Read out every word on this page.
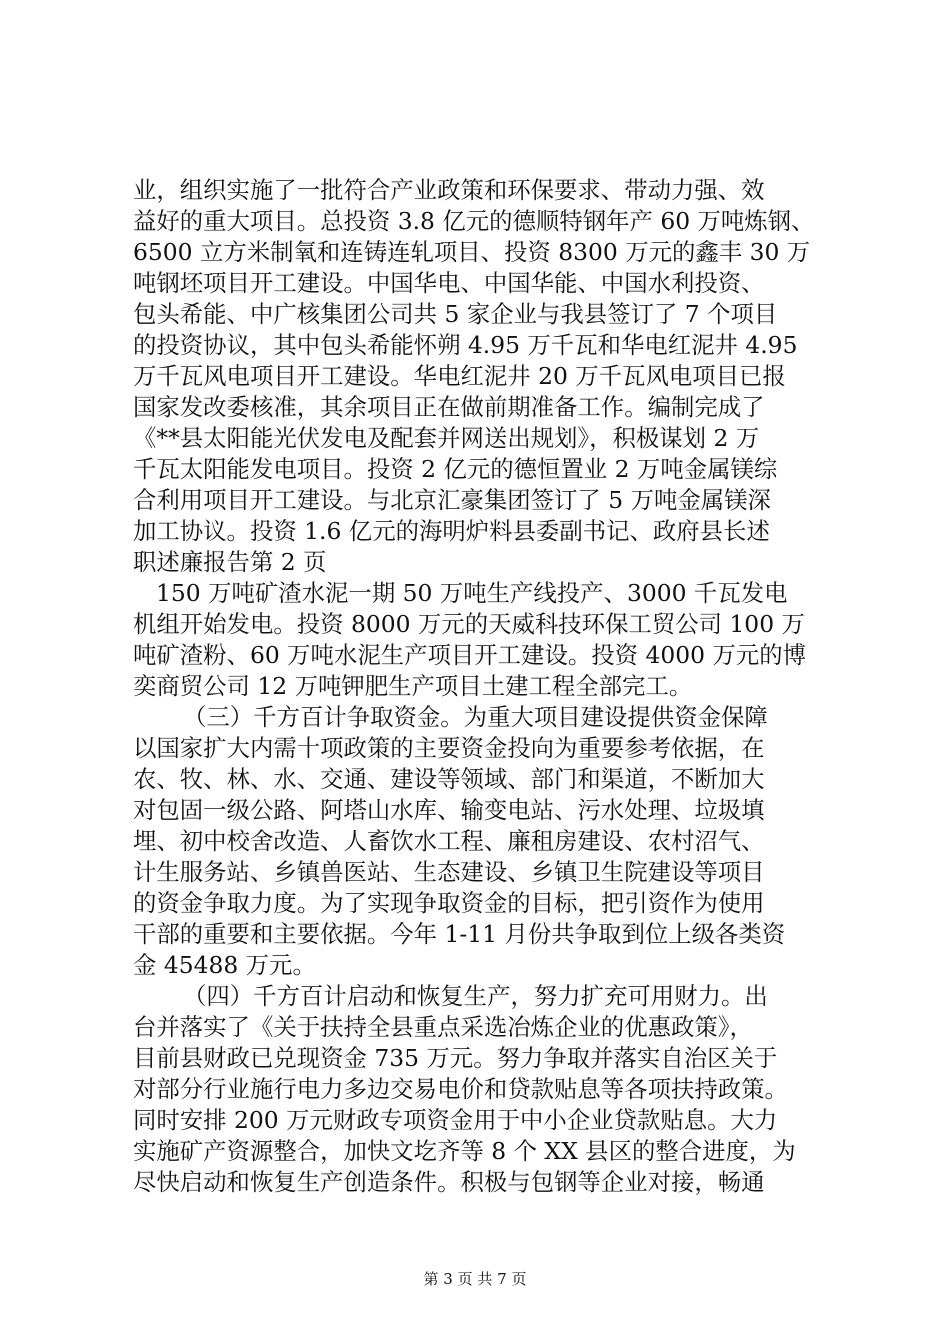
业，组织实施了一批符合产业政策和环保要求、带动力强、效
益好的重大项目。总投资 3.8 亿元的德顺特钢年产 60 万吨炼钢、
6500 立方米制氧和连铸连轧项目、投资 8300 万元的鑫丰 30 万
吨钢坯项目开工建设。中国华电、中国华能、中国水利投资、
包头希能、中广核集团公司共 5 家企业与我县签订了 7 个项目
的投资协议，其中包头希能怀朔 4.95 万千瓦和华电红泥井 4.95
万千瓦风电项目开工建设。华电红泥井 20 万千瓦风电项目已报
国家发改委核准，其余项目正在做前期准备工作。编制完成了
《**县太阳能光伏发电及配套并网送出规划》，积极谋划 2 万
千瓦太阳能发电项目。投资 2 亿元的德恒置业 2 万吨金属镁综
合利用项目开工建设。与北京汇豪集团签订了 5 万吨金属镁深
加工协议。投资 1.6 亿元的海明炉料县委副书记、政府县长述
职述廉报告第 2 页
150 万吨矿渣水泥一期 50 万吨生产线投产、3000 千瓦发电
机组开始发电。投资 8000 万元的天威科技环保工贸公司 100 万
吨矿渣粉、60 万吨水泥生产项目开工建设。投资 4000 万元的博
奕商贸公司 12 万吨钾肥生产项目土建工程全部完工。
（三）千方百计争取资金。为重大项目建设提供资金保障
以国家扩大内需十项政策的主要资金投向为重要参考依据，在
农、牧、林、水、交通、建设等领域、部门和渠道，不断加大
对包固一级公路、阿塔山水库、输变电站、污水处理、垃圾填
埋、初中校舍改造、人畜饮水工程、廉租房建设、农村沼气、
计生服务站、乡镇兽医站、生态建设、乡镇卫生院建设等项目
的资金争取力度。为了实现争取资金的目标，把引资作为使用
干部的重要和主要依据。今年 1-11 月份共争取到位上级各类资
金 45488 万元。
（四）千方百计启动和恢复生产，努力扩充可用财力。出
台并落实了《关于扶持全县重点采选冶炼企业的优惠政策》，
目前县财政已兑现资金 735 万元。努力争取并落实自治区关于
对部分行业施行电力多边交易电价和贷款贴息等各项扶持政策。
同时安排 200 万元财政专项资金用于中小企业贷款贴息。大力
实施矿产资源整合，加快文圪齐等 8 个 XX 县区的整合进度，为
尽快启动和恢复生产创造条件。积极与包钢等企业对接，畅通
第 3 页 共 7 页
